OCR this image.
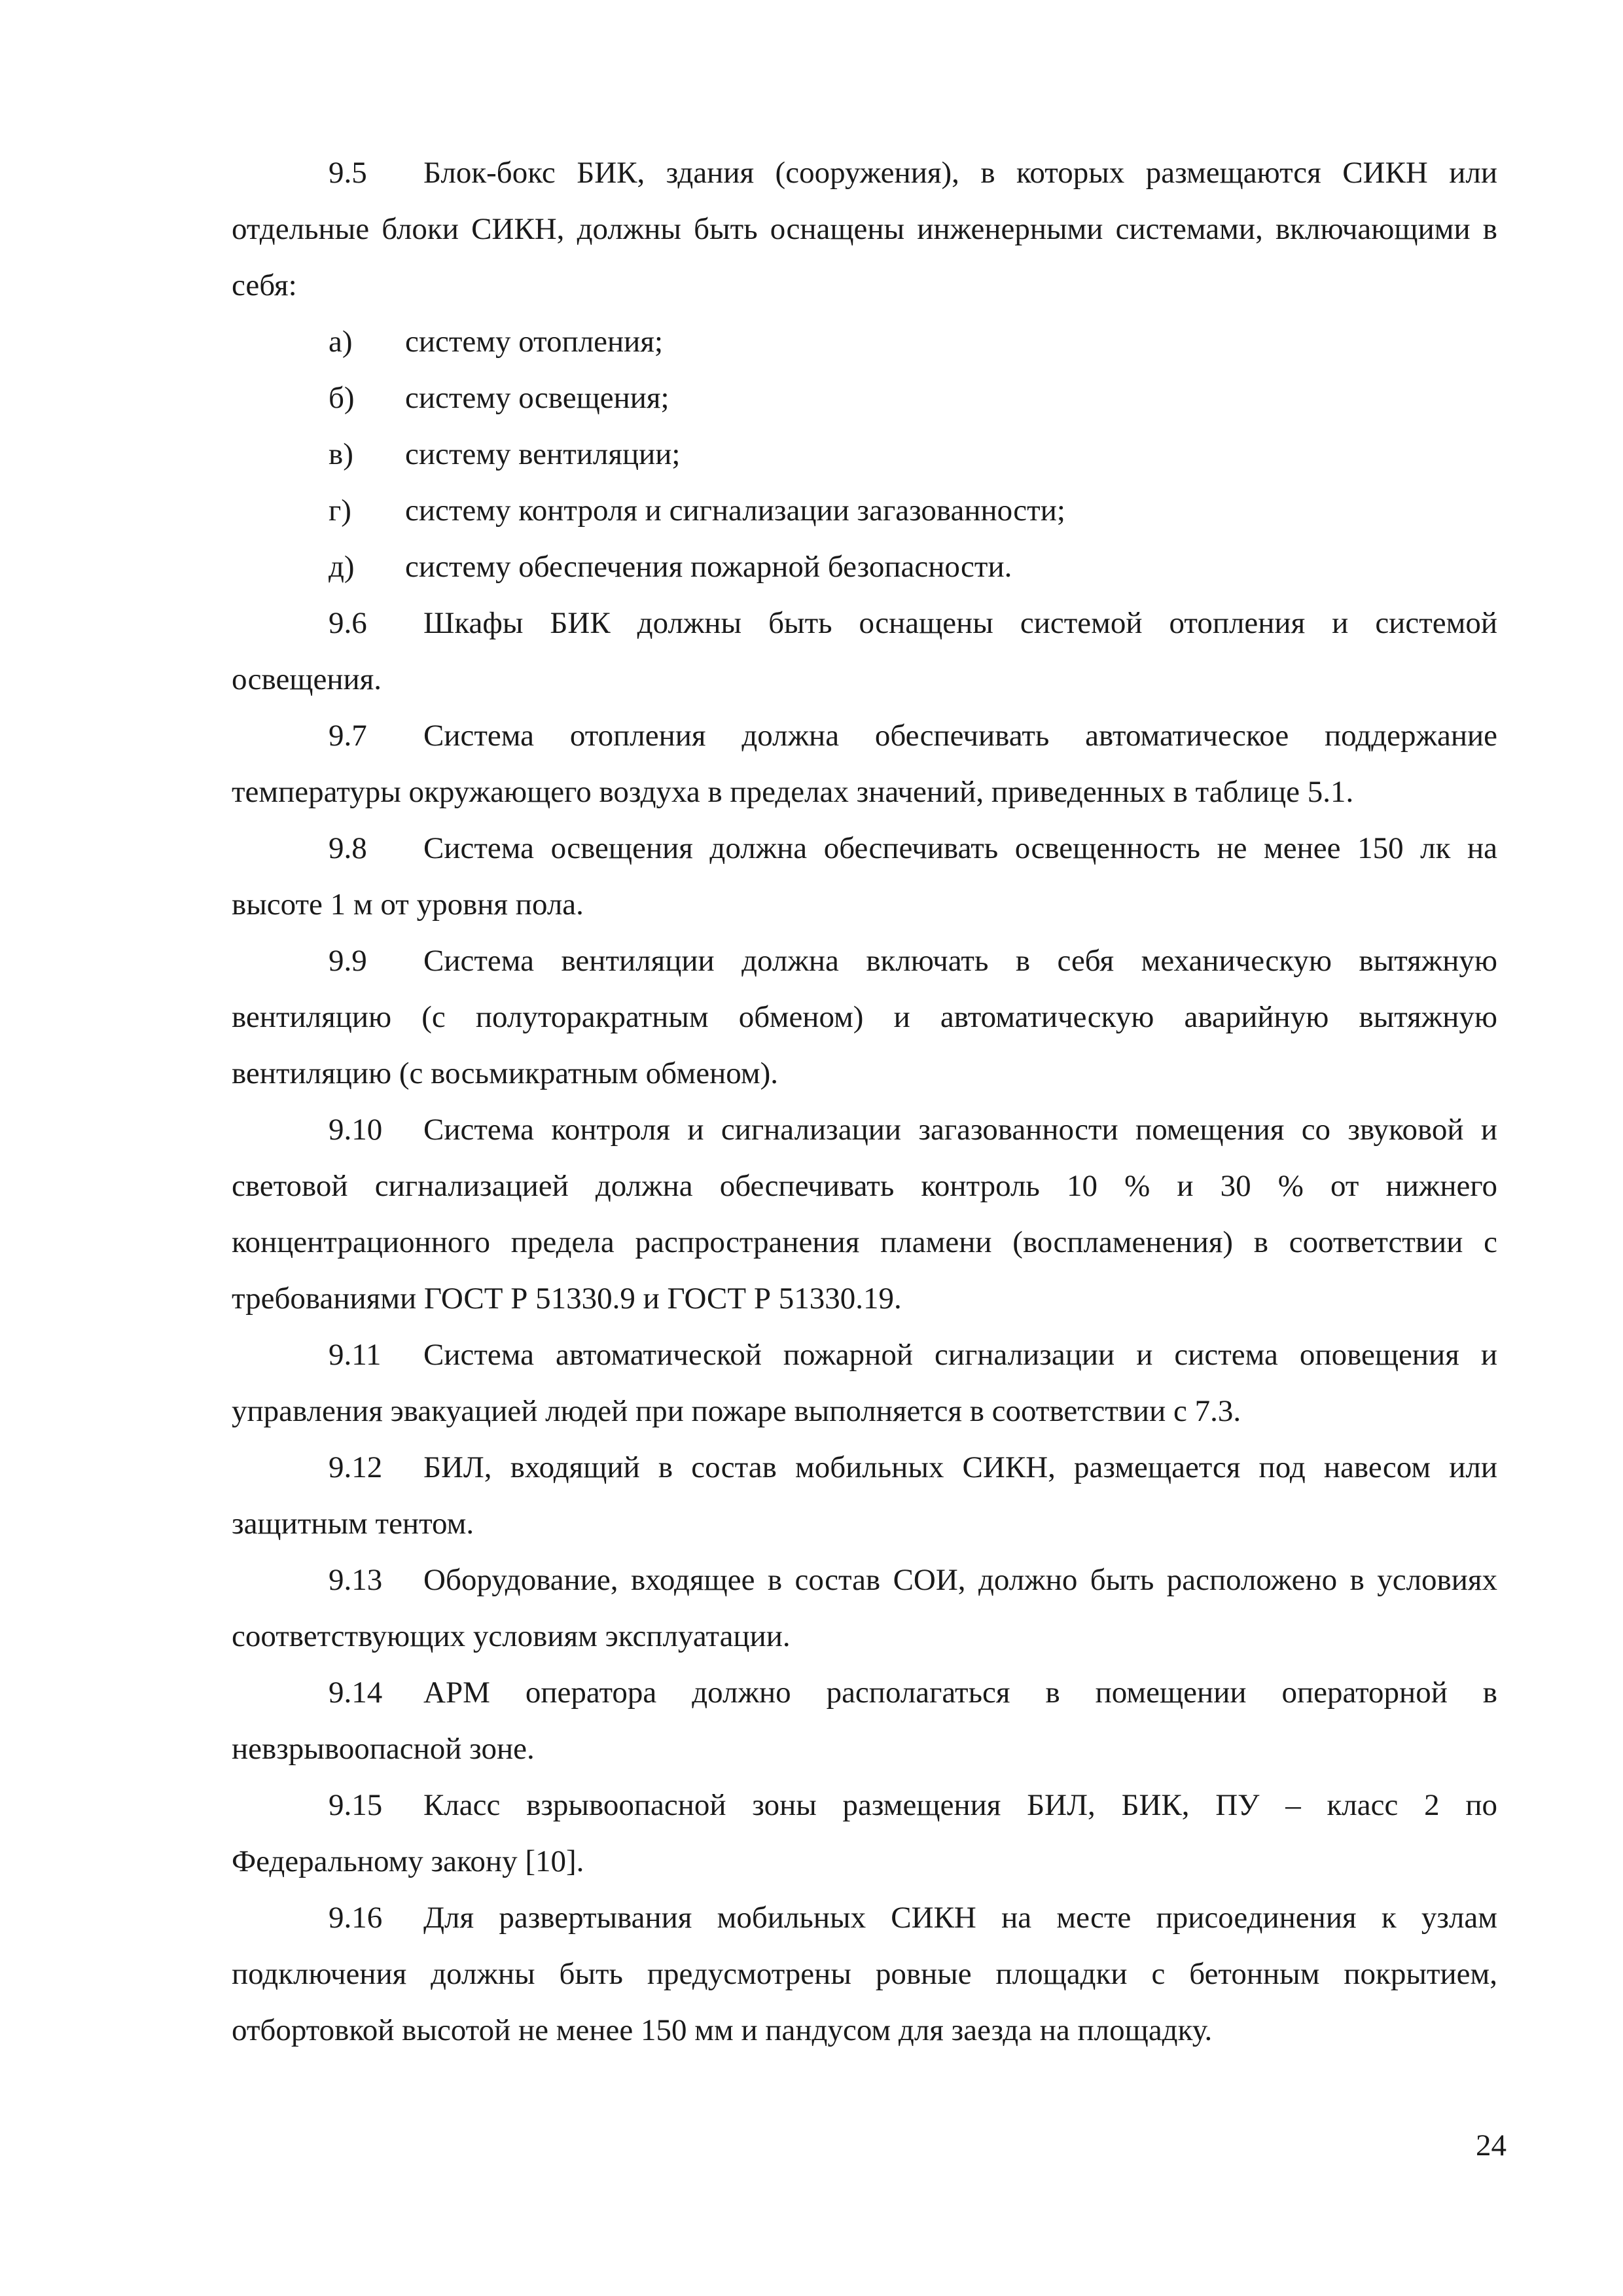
9.5 Блок-бокс БИК, здания (сооружения), в которых размещаются СИКН или отдельные блоки СИКН, должны быть оснащены инженерными системами, включающими в себя:

а) систему отопления;

б) систему освещения;

в) систему вентиляции;

г) систему контроля и сигнализации загазованности;

д) систему обеспечения пожарной безопасности.

9.6 Шкафы БИК должны быть оснащены системой отопления и системой освещения.

9.7 Система отопления должна обеспечивать автоматическое поддержание температуры окружающего воздуха в пределах значений, приведенных в таблице 5.1.

9.8 Система освещения должна обеспечивать освещенность не менее 150 лк на высоте 1 м от уровня пола.

9.9 Система вентиляции должна включать в себя механическую вытяжную вентиляцию (с полуторакратным обменом) и автоматическую аварийную вытяжную вентиляцию (с восьмикратным обменом).

9.10 Система контроля и сигнализации загазованности помещения со звуковой и световой сигнализацией должна обеспечивать контроль 10 % и 30 % от нижнего концентрационного предела распространения пламени (воспламенения) в соответствии с требованиями ГОСТ Р 51330.9 и ГОСТ Р 51330.19.

9.11 Система автоматической пожарной сигнализации и система оповещения и управления эвакуацией людей при пожаре выполняется в соответствии с 7.3.

9.12 БИЛ, входящий в состав мобильных СИКН, размещается под навесом или защитным тентом.

9.13 Оборудование, входящее в состав СОИ, должно быть расположено в условиях соответствующих условиям эксплуатации.

9.14 АРМ оператора должно располагаться в помещении операторной в невзрывоопасной зоне.

9.15 Класс взрывоопасной зоны размещения БИЛ, БИК, ПУ – класс 2 по Федеральному закону [10].

9.16 Для развертывания мобильных СИКН на месте присоединения к узлам подключения должны быть предусмотрены ровные площадки с бетонным покрытием, отбортовкой высотой не менее 150 мм и пандусом для заезда на площадку.

24
